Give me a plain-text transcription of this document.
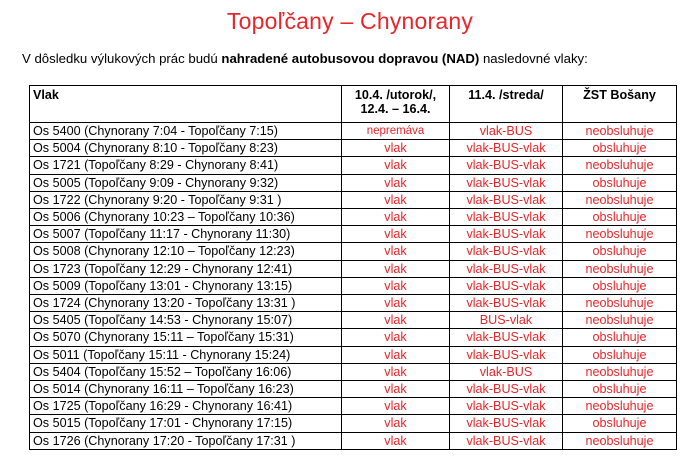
Topoľčany – Chynorany
V dôsledku výlukových prác budú nahradené autobusovou dopravou (NAD) nasledovné vlaky:
Vlak	10.4. /utorok/,
12.4. – 16.4.	11.4. /streda/	ŽST Bošany
Os 5400 (Chynorany 7:04 - Topoľčany 7:15)	nepremáva	vlak-BUS	neobsluhuje
Os 5004 (Chynorany 8:10 - Topoľčany 8:23)	vlak	vlak-BUS-vlak	obsluhuje
Os 1721 (Topoľčany 8:29 - Chynorany 8:41)	vlak	vlak-BUS-vlak	neobsluhuje
Os 5005 (Topoľčany 9:09 - Chynorany 9:32)	vlak	vlak-BUS-vlak	obsluhuje
Os 1722 (Chynorany 9:20 - Topoľčany 9:31 )	vlak	vlak-BUS-vlak	neobsluhuje
Os 5006 (Chynorany 10:23 – Topoľčany 10:36)	vlak	vlak-BUS-vlak	obsluhuje
Os 5007 (Topoľčany 11:17 - Chynorany 11:30)	vlak	vlak-BUS-vlak	neobsluhuje
Os 5008 (Chynorany 12:10 – Topoľčany 12:23)	vlak	vlak-BUS-vlak	obsluhuje
Os 1723 (Topoľčany 12:29 - Chynorany 12:41)	vlak	vlak-BUS-vlak	neobsluhuje
Os 5009 (Topoľčany 13:01 - Chynorany 13:15)	vlak	vlak-BUS-vlak	obsluhuje
Os 1724 (Chynorany 13:20 - Topoľčany 13:31 )	vlak	vlak-BUS-vlak	neobsluhuje
Os 5405 (Topoľčany 14:53 - Chynorany 15:07)	vlak	BUS-vlak	neobsluhuje
Os 5070 (Chynorany 15:11 – Topoľčany 15:31)	vlak	vlak-BUS-vlak	obsluhuje
Os 5011 (Topoľčany 15:11 - Chynorany 15:24)	vlak	vlak-BUS-vlak	obsluhuje
Os 5404 (Topoľčany 15:52 – Topoľčany 16:06)	vlak	vlak-BUS	neobsluhuje
Os 5014 (Chynorany 16:11 – Topoľčany 16:23)	vlak	vlak-BUS-vlak	obsluhuje
Os 1725 (Topoľčany 16:29 - Chynorany 16:41)	vlak	vlak-BUS-vlak	neobsluhuje
Os 5015 (Topoľčany 17:01 - Chynorany 17:15)	vlak	vlak-BUS-vlak	obsluhuje
Os 1726 (Chynorany 17:20 - Topoľčany 17:31 )	vlak	vlak-BUS-vlak	neobsluhuje
